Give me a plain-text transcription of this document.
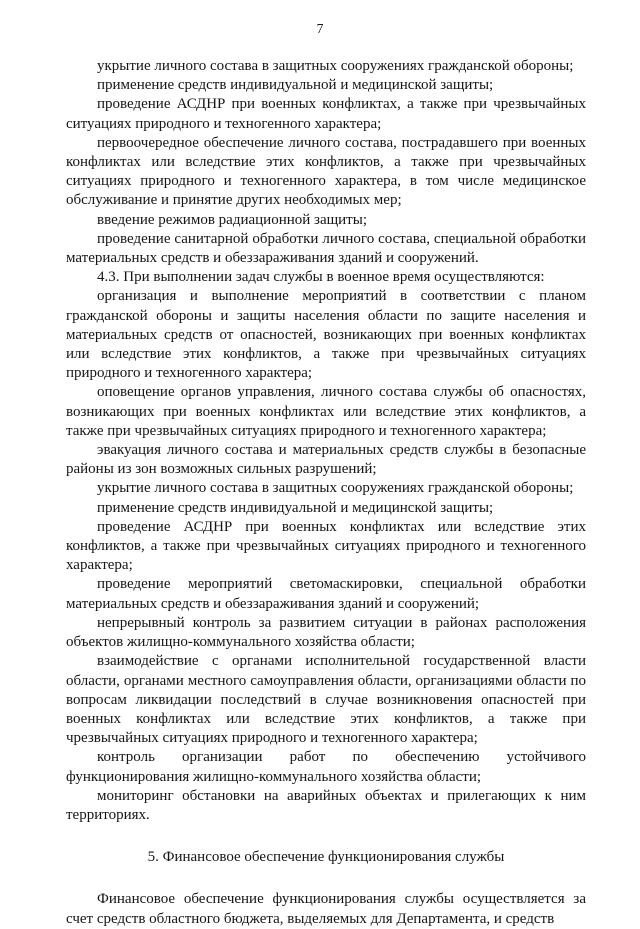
7

укрытие личного состава в защитных сооружениях гражданской обороны;

применение средств индивидуальной и медицинской защиты;

проведение АСДНР при военных конфликтах, а также при чрезвычайных ситуациях природного и техногенного характера;

первоочередное обеспечение личного состава, пострадавшего при военных конфликтах или вследствие этих конфликтов, а также при чрезвычайных ситуациях природного и техногенного характера, в том числе медицинское обслуживание и принятие других необходимых мер;

введение режимов радиационной защиты;

проведение санитарной обработки личного состава, специальной обработки материальных средств и обеззараживания зданий и сооружений.

4.3. При выполнении задач службы в военное время осуществляются:

организация и выполнение мероприятий в соответствии с планом гражданской обороны и защиты населения области по защите населения и материальных средств от опасностей, возникающих при военных конфликтах или вследствие этих конфликтов, а также при чрезвычайных ситуациях природного и техногенного характера;

оповещение органов управления, личного состава службы об опасностях, возникающих при военных конфликтах или вследствие этих конфликтов, а также при чрезвычайных ситуациях природного и техногенного характера;

эвакуация личного состава и материальных средств службы в безопасные районы из зон возможных сильных разрушений;

укрытие личного состава в защитных сооружениях гражданской обороны;

применение средств индивидуальной и медицинской защиты;

проведение АСДНР при военных конфликтах или вследствие этих конфликтов, а также при чрезвычайных ситуациях природного и техногенного характера;

проведение мероприятий светомаскировки, специальной обработки материальных средств и обеззараживания зданий и сооружений;

непрерывный контроль за развитием ситуации в районах расположения объектов жилищно-коммунального хозяйства области;

взаимодействие с органами исполнительной государственной власти области, органами местного самоуправления области, организациями области по вопросам ликвидации последствий в случае возникновения опасностей при военных конфликтах или вследствие этих конфликтов, а также при чрезвычайных ситуациях природного и техногенного характера;

контроль организации работ по обеспечению устойчивого функционирования жилищно-коммунального хозяйства области;

мониторинг обстановки на аварийных объектах и прилегающих к ним территориях.

5. Финансовое обеспечение функционирования службы

Финансовое обеспечение функционирования службы осуществляется за счет средств областного бюджета, выделяемых для Департамента, и средств
